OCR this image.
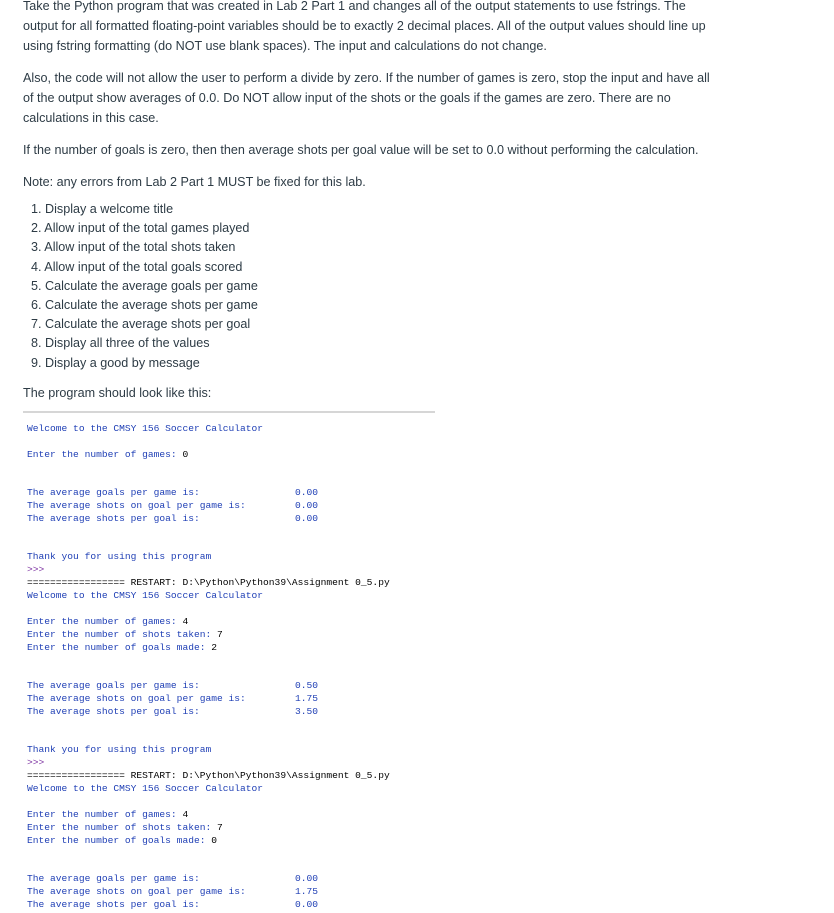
Take the Python program that was created in Lab 2 Part 1 and changes all of the output statements to use fstrings. The output for all formatted floating-point variables should be to exactly 2 decimal places. All of the output values should line up using fstring formatting (do NOT use blank spaces). The input and calculations do not change.

Also, the code will not allow the user to perform a divide by zero. If the number of games is zero, stop the input and have all of the output show averages of 0.0. Do NOT allow input of the shots or the goals if the games are zero. There are no calculations in this case.

If the number of goals is zero, then then average shots per goal value will be set to 0.0 without performing the calculation.

Note: any errors from Lab 2 Part 1 MUST be fixed for this lab.

1. Display a welcome title
2. Allow input of the total games played
3. Allow input of the total shots taken
4. Allow input of the total goals scored
5. Calculate the average goals per game
6. Calculate the average shots per game
7. Calculate the average shots per goal
8. Display all three of the values
9. Display a good by message

The program should look like this:

Welcome to the CMSY 156 Soccer Calculator
Enter the number of games: 0
The average goals per game is:
The average shots on goal per game is:
The average shots per goal is:
0.00
0.00
0.00
Thank you for using this program
>>>
================= RESTART: D:\Python\Python39\Assignment 0_5.py
Welcome to the CMSY 156 Soccer Calculator
Enter the number of games: 4
Enter the number of shots taken: 7
Enter the number of goals made: 2
The average goals per game is:
The average shots on goal per game is:
The average shots per goal is:
0.50
1.75
3.50
Thank you for using this program
>>>
================= RESTART: D:\Python\Python39\Assignment 0_5.py
Welcome to the CMSY 156 Soccer Calculator
Enter the number of games: 4
Enter the number of shots taken: 7
Enter the number of goals made: 0
The average goals per game is:
The average shots on goal per game is:
The average shots per goal is:
0.00
1.75
0.00
